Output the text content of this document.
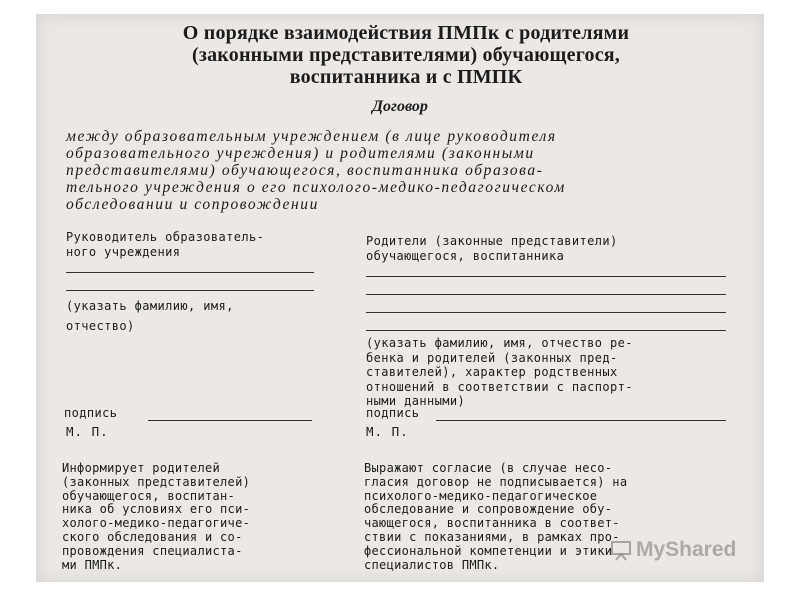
О порядке взаимодействия ПМПк с родителями
(законными представителями) обучающегося,
воспитанника и с ПМПК
Договор
между образовательным учреждением (в лице руководителя
образовательного учреждения) и родителями (законными
представителями) обучающегося, воспитанника образова-
тельного учреждения о его психолого-медико-педагогическом
обследовании и сопровождении
Руководитель образователь-
ного учреждения
(указать фамилию, имя,
отчество)
подпись
М. П.
Информирует родителей
(законных представителей)
обучающегося, воспитан-
ника об условиях его пси-
холого-медико-педагогиче-
ского обследования и со-
провождения специалиста-
ми ПМПк.
Родители (законные представители)
обучающегося, воспитанника
(указать фамилию, имя, отчество ре-
бенка и родителей (законных пред-
ставителей), характер родственных
отношений в соответствии с паспорт-
ными данными)
подпись
М. П.
Выражают согласие (в случае несо-
гласия договор не подписывается) на
психолого-медико-педагогическое
обследование и сопровождение обу-
чающегося, воспитанника в соответ-
ствии с показаниями, в рамках про-
фессиональной компетенции и этики
специалистов ПМПк.
MyShared
